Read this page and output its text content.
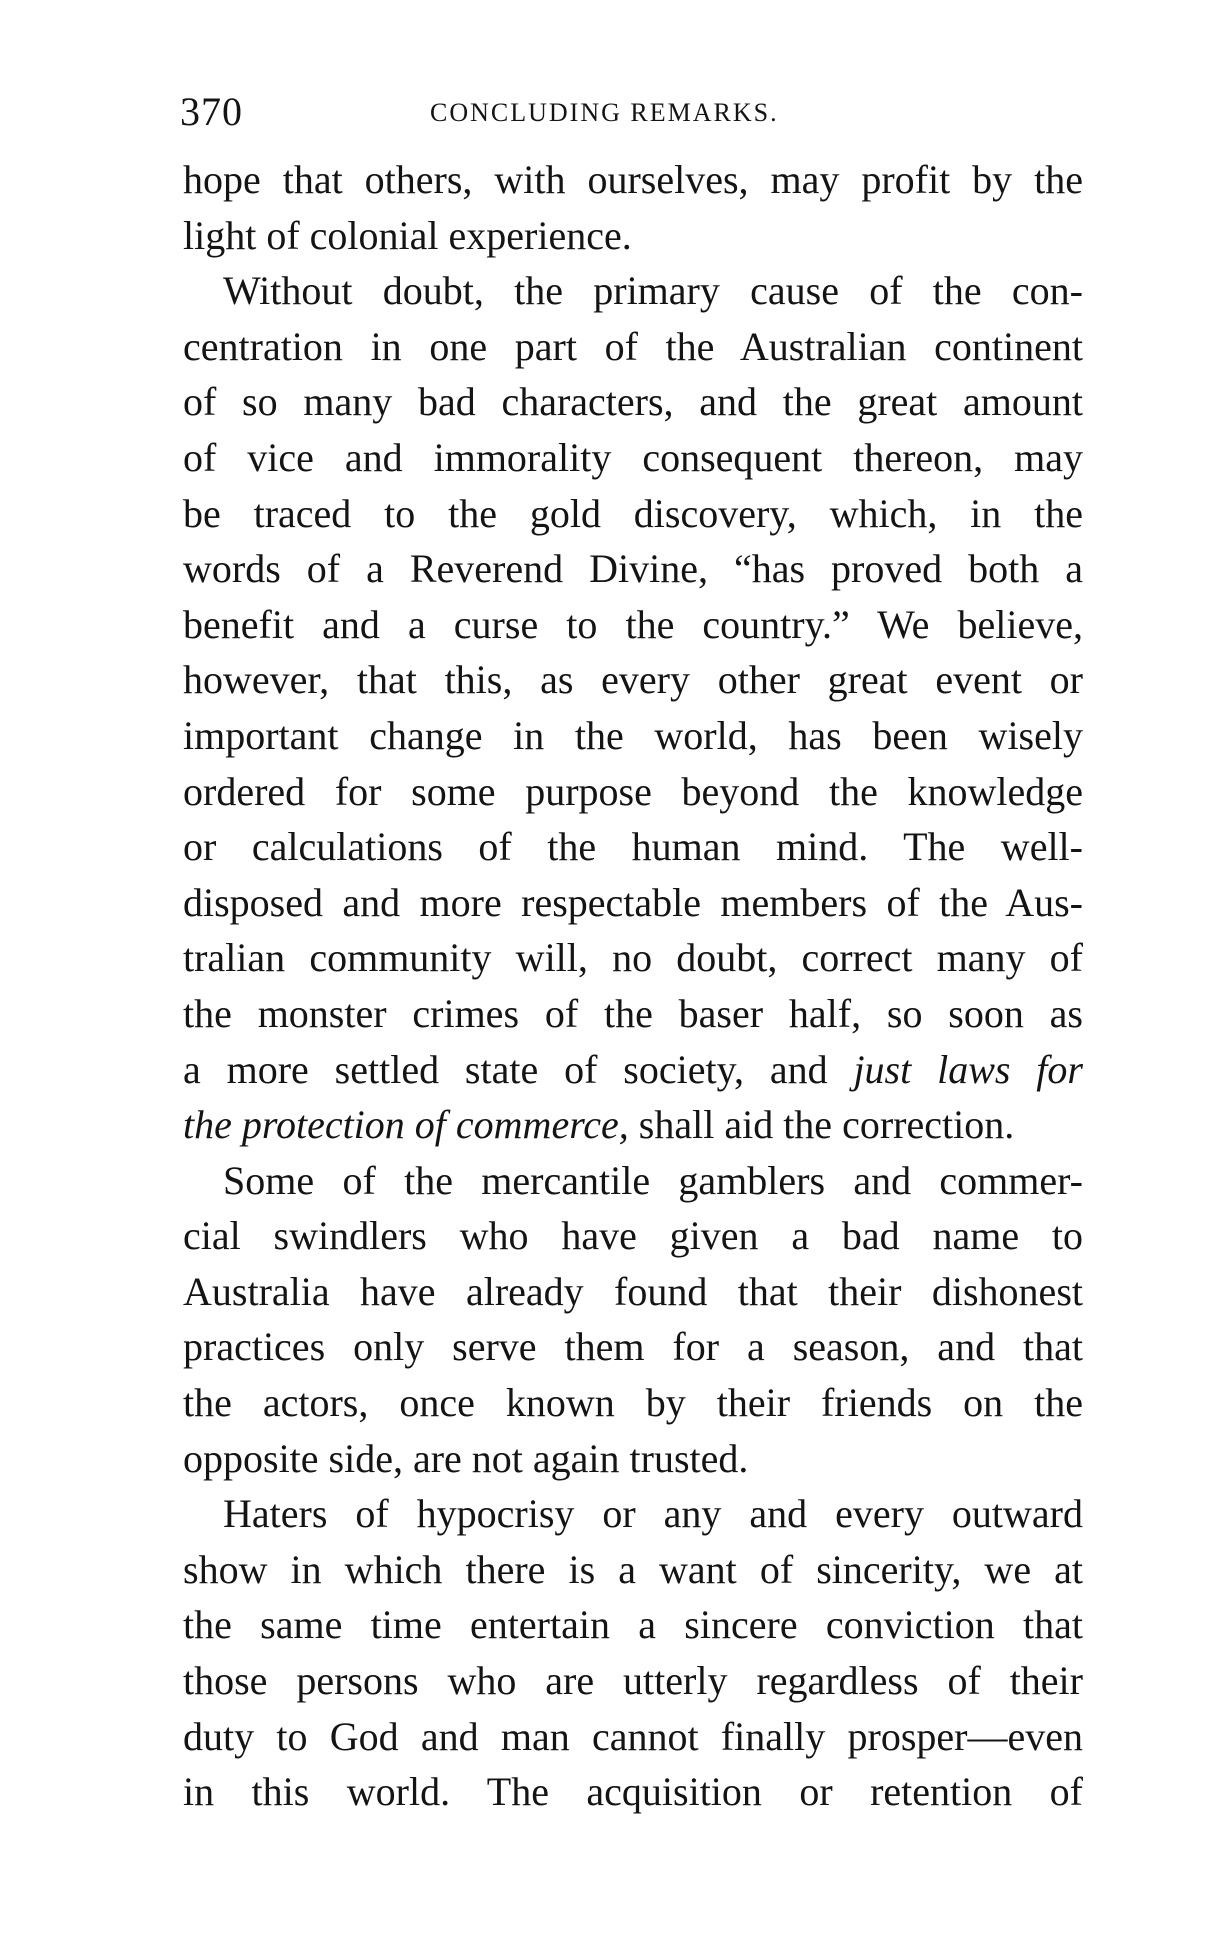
370	CONCLUDING REMARKS.
hope that others, with ourselves, may profit by the
light of colonial experience.
Without doubt, the primary cause of the con-
centration in one part of the Australian continent
of so many bad characters, and the great amount
of vice and immorality consequent thereon, may
be traced to the gold discovery, which, in the
words of a Reverend Divine, “has proved both a
benefit and a curse to the country.” We believe,
however, that this, as every other great event or
important change in the world, has been wisely
ordered for some purpose beyond the knowledge
or calculations of the human mind. The well-
disposed and more respectable members of the Aus-
tralian community will, no doubt, correct many of
the monster crimes of the baser half, so soon as
a more settled state of society, and just laws for
the protection of commerce, shall aid the correction.
Some of the mercantile gamblers and commer-
cial swindlers who have given a bad name to
Australia have already found that their dishonest
practices only serve them for a season, and that
the actors, once known by their friends on the
opposite side, are not again trusted.
Haters of hypocrisy or any and every outward
show in which there is a want of sincerity, we at
the same time entertain a sincere conviction that
those persons who are utterly regardless of their
duty to God and man cannot finally prosper—even
in this world. The acquisition or retention of
